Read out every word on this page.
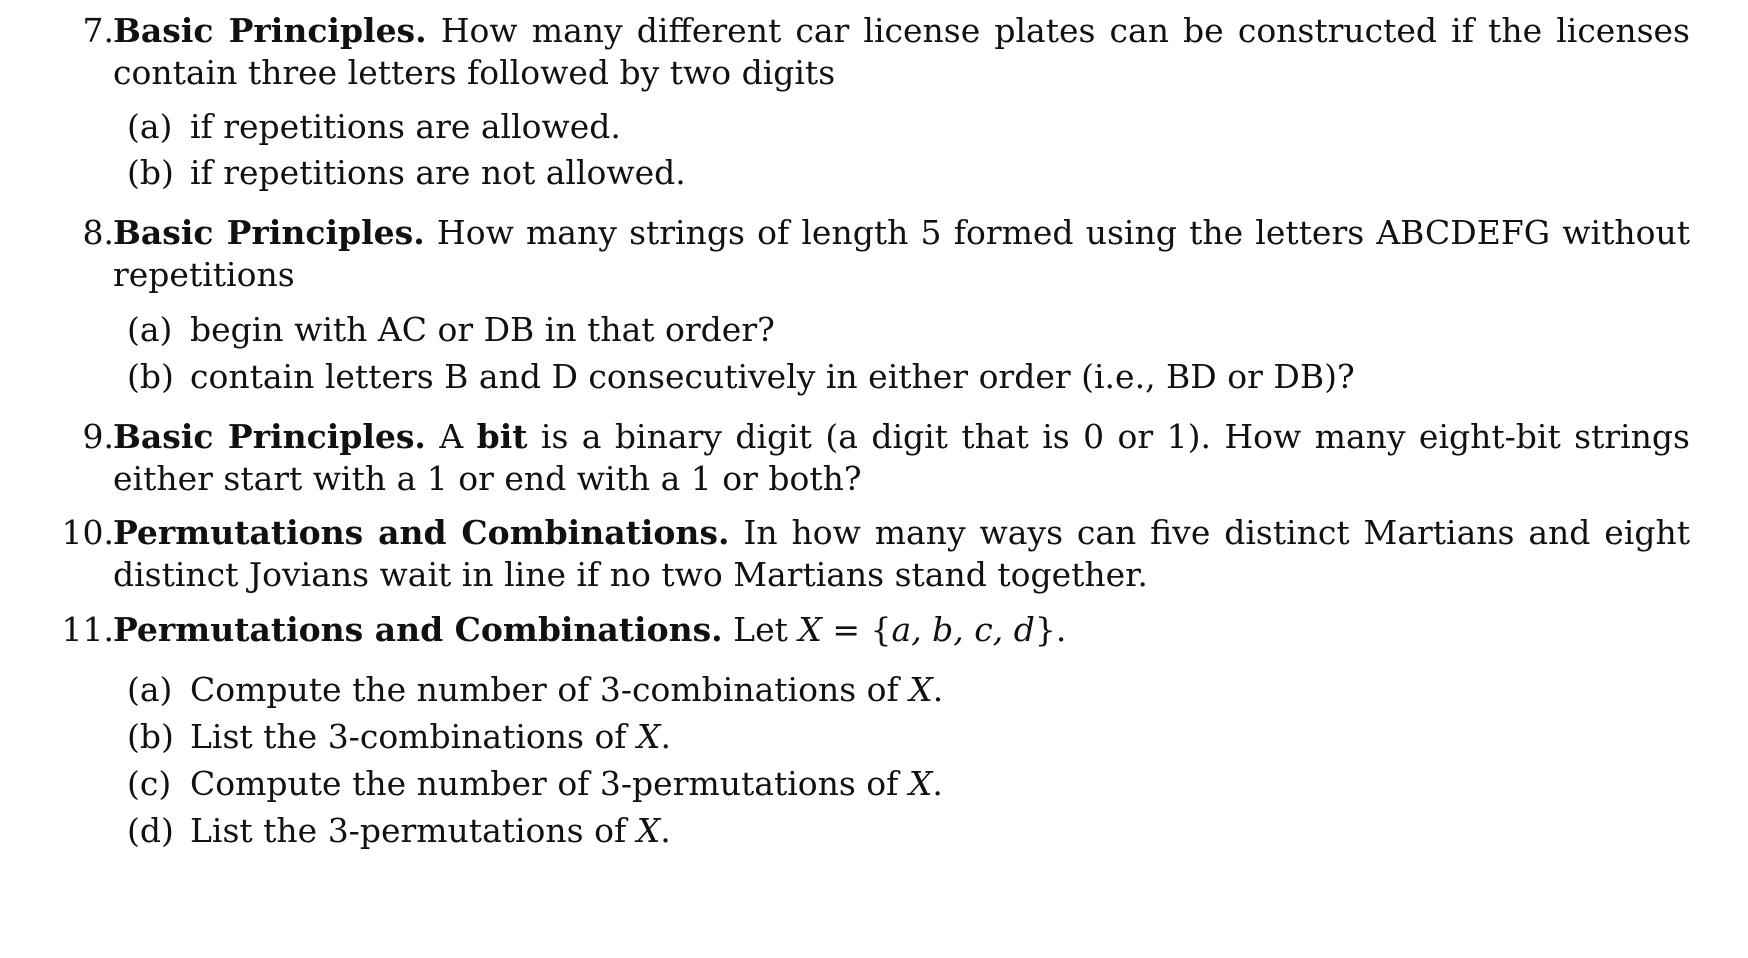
7. Basic Principles. How many different car license plates can be constructed if the licenses contain three letters followed by two digits
(a) if repetitions are allowed.
(b) if repetitions are not allowed.
8. Basic Principles. How many strings of length 5 formed using the letters ABCDEFG without repetitions
(a) begin with AC or DB in that order?
(b) contain letters B and D consecutively in either order (i.e., BD or DB)?
9. Basic Principles. A bit is a binary digit (a digit that is 0 or 1). How many eight-bit strings either start with a 1 or end with a 1 or both?
10. Permutations and Combinations. In how many ways can five distinct Martians and eight distinct Jovians wait in line if no two Martians stand together.
11. Permutations and Combinations. Let X = {a, b, c, d}.
(a) Compute the number of 3-combinations of X.
(b) List the 3-combinations of X.
(c) Compute the number of 3-permutations of X.
(d) List the 3-permutations of X.
